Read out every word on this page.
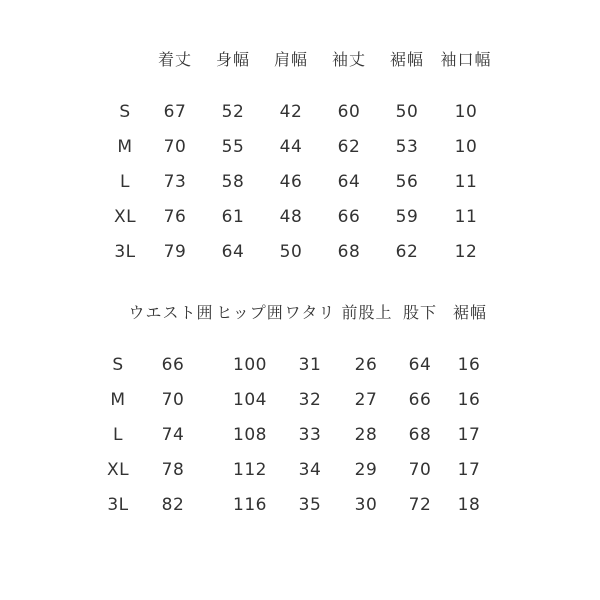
着丈 身幅 肩幅 袖丈 裾幅 袖口幅
S 67 52 42 60 50 10
M 70 55 44 62 53 10
L 73 58 46 64 56 11
XL 76 61 48 66 59 11
3L 79 64 50 68 62 12
ウエスト囲 ヒップ囲 ワタリ 前股上 股下 裾幅
S 66	100 31 26 64 16
M 70	104 32 27 66 16
L 74	108 33 28 68 17
XL 78	112 34 29 70 17
3L 82	116 35 30 72 18
